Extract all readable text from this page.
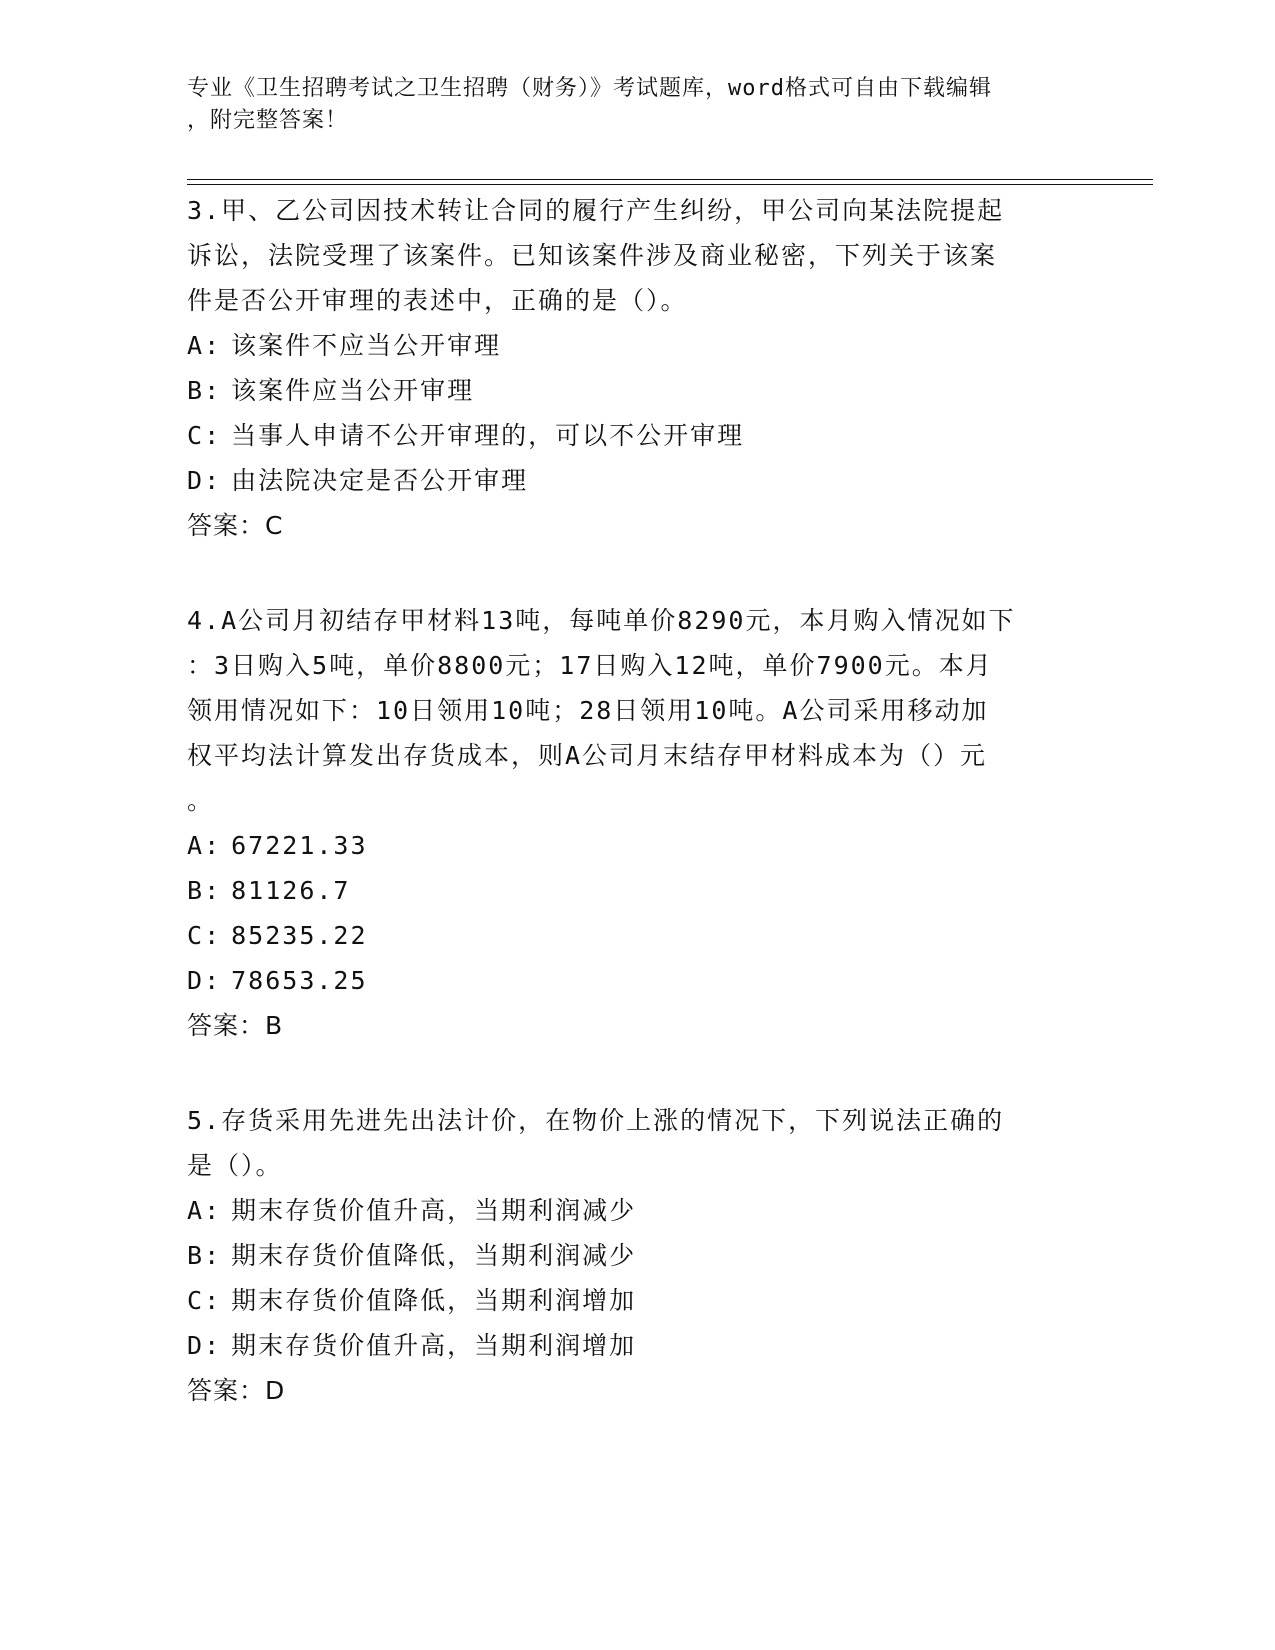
专业《卫生招聘考试之卫生招聘（财务）》考试题库，word格式可自由下载编辑
，附完整答案！
3.甲、乙公司因技术转让合同的履行产生纠纷，甲公司向某法院提起
诉讼，法院受理了该案件。已知该案件涉及商业秘密，下列关于该案
件是否公开审理的表述中，正确的是（）。
A: 该案件不应当公开审理
B: 该案件应当公开审理
C: 当事人申请不公开审理的，可以不公开审理
D: 由法院决定是否公开审理
答案：C
4.A公司月初结存甲材料13吨，每吨单价8290元，本月购入情况如下
：3日购入5吨，单价8800元；17日购入12吨，单价7900元。本月
领用情况如下：10日领用10吨；28日领用10吨。A公司采用移动加
权平均法计算发出存货成本，则A公司月末结存甲材料成本为（）元
。
A: 67221.33
B: 81126.7
C: 85235.22
D: 78653.25
答案：B
5.存货采用先进先出法计价，在物价上涨的情况下，下列说法正确的
是（）。
A: 期末存货价值升高，当期利润减少
B: 期末存货价值降低，当期利润减少
C: 期末存货价值降低，当期利润增加
D: 期末存货价值升高，当期利润增加
答案：D
